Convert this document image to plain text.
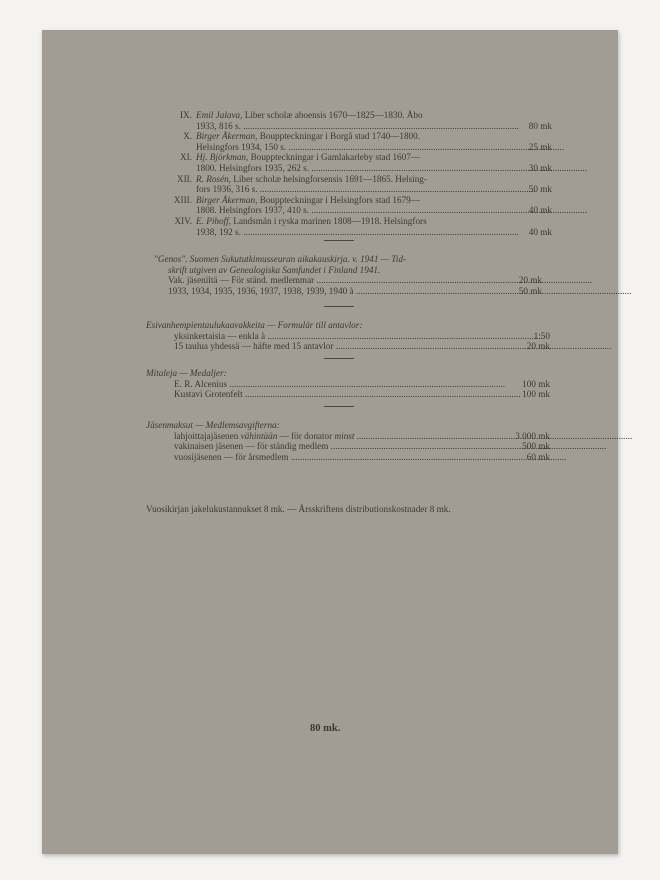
IX. Emil Jalava, Liber scholæ aboensis 1670—1825—1830. Åbo
1933, 816 s. .....	80 mk
X. Birger Åkerman, Bouppteckningar i Borgå stad 1740—1800.
Helsingfors 1934, 150 s. .....	25 mk
XI. Hj. Björkman, Bouppteckningar i Gamlakarleby stad 1607—
1800. Helsingfors 1935, 262 s. .....	30 mk
XII. R. Rosén, Liber scholæ helsingforsensis 1691—1865. Helsing-
fors 1936, 316 s. .....	50 mk
XIII. Birger Åkerman, Bouppteckningar i Helsingfors stad 1679—
1808. Helsingfors 1937, 410 s. .....	40 mk
XIV. E. Pihoff, Landsmän i ryska marinen 1808—1918. Helsingfors
1938, 192 s. .....	40 mk
"Genos". Suomen Sukututkimusseuran aikakauskirja. v. 1941 — Tid-
skrift utgiven av Genealogiska Samfundet i Finland 1941.
Vak. jäseniltä — För ständ. medlemmar .....	20 mk
1933, 1934, 1935, 1936, 1937, 1938, 1939, 1940 à .....	50 mk
Esivanhempientaulukaavakkeita — Formulär till antavlor:
yksinkertaisia — enkla à .....	1:50
15 taulua yhdessä — häfte med 15 antavlor .....	20 mk
Mitaleja — Medaljer:
E. R. Alcenius .....	100 mk
Kustavi Grotenfelt .....	100 mk
Jäsenmaksut — Medlemsavgifterna:
lahjoittajajäsenen vähintään — för donator minst .....	3.000 mk
vakinaisen jäsenen — för ständig medlem .....	500 mk
vuosijäsenen — för årsmedlem .....	60 mk
Vuosikirjan jakelukustannukset 8 mk. — Årsskriftens distributionskostnader 8 mk.
80 mk.
